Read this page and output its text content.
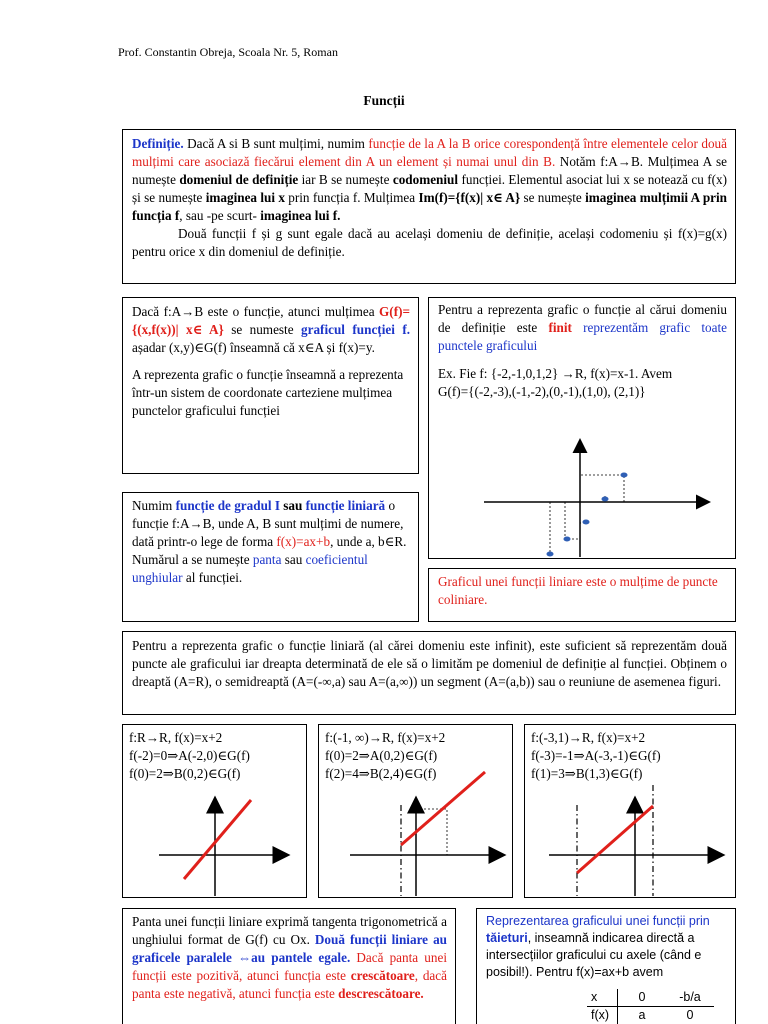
Prof. Constantin Obreja, Scoala Nr. 5, Roman
Funcții
Definiție. Dacă A si B sunt mulțimi, numim funcție de la A la B orice corespondență între elementele celor două mulțimi care asociază fiecărui element din A un element și numai unul din B. Notăm f:A→B. Mulțimea A se numește domeniul de definiție iar B se numește codomeniul funcției. Elementul asociat lui x se notează cu f(x) și se numește imaginea lui x prin funcția f. Mulțimea Im(f)={f(x)| x∈ A} se numește imaginea mulțimii A prin funcția f, sau -pe scurt- imaginea lui f.
Două funcții f și g sunt egale dacă au același domeniu de definiție, același codomeniu și f(x)=g(x) pentru orice x din domeniul de definiție.
Dacă f:A→B este o funcție, atunci mulțimea G(f)= {(x,f(x))| x∈ A} se numeste graficul funcției f. așadar (x,y)∈G(f) înseamnă că x∈A și f(x)=y.
A reprezenta grafic o funcție înseamnă a reprezenta într-un sistem de coordonate carteziene mulțimea punctelor graficului funcției
Pentru a reprezenta grafic o funcție al cărui domeniu de definiție este finit reprezentăm grafic toate punctele graficului
Ex. Fie f: {-2,-1,0,1,2} →R, f(x)=x-1. Avem
G(f)={(-2,-3),(-1,-2),(0,-1),(1,0), (2,1)}
Numim funcție de gradul I sau funcție liniară o funcție f:A→B, unde A, B sunt mulțimi de numere, dată printr-o lege de forma f(x)=ax+b, unde a, b∈R. Numărul a se numește panta sau coeficientul unghiular al funcției.	Graficul unei funcții liniare este o mulțime de puncte coliniare.
Pentru a reprezenta grafic o funcție liniară (al cărei domeniu este infinit), este suficient să reprezentăm două puncte ale graficului iar dreapta determinată de ele să o limităm pe domeniul de definiție al funcției. Obținem o dreaptă (A=R), o semidreaptă (A=(-∞,a) sau A=(a,∞)) un segment (A=(a,b)) sau o reuniune de asemenea figuri.
f:R→R, f(x)=x+2
f(-2)=0⇒A(-2,0)∈G(f)
f(0)=2⇒B(0,2)∈G(f)
f:(-1, ∞)→R, f(x)=x+2
f(0)=2⇒A(0,2)∈G(f)
f(2)=4⇒B(2,4)∈G(f)
f:(-3,1)→R, f(x)=x+2
f(-3)=-1⇒A(-3,-1)∈G(f)
f(1)=3⇒B(1,3)∈G(f)
Panta unei funcții liniare exprimă tangenta trigonometrică a unghiului format de G(f) cu Ox. Două funcții liniare au graficele paralele ⇔au pantele egale. Dacă panta unei funcții este pozitivă, atunci funcția este crescătoare, dacă panta este negativă, atunci funcția este descrescătoare.
Reprezentarea graficului unei funcții prin tăieturi, inseamnă indicarea directă a intersecțiilor graficului cu axele (când e posibil!). Pentru f(x)=ax+b avem
x	0	-b/a
f(x)	a	0
